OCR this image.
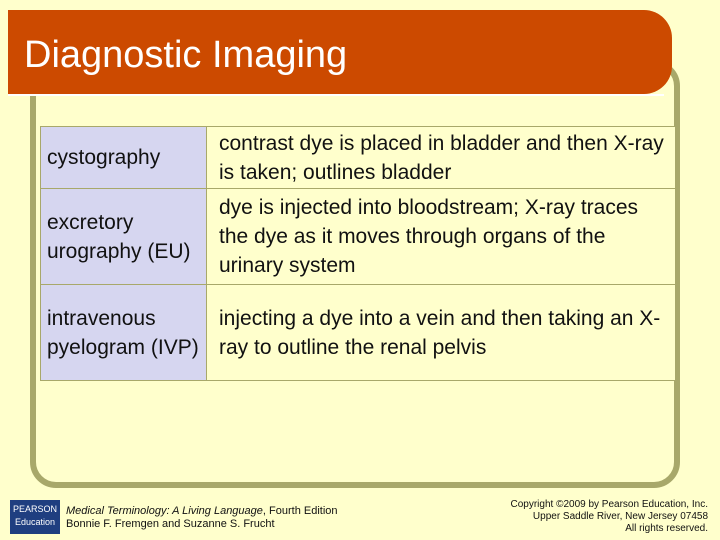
Diagnostic Imaging
cystography	contrast dye is placed in bladder and then X-ray is taken; outlines bladder
excretory urography (EU)	dye is injected into bloodstream; X-ray traces the dye as it moves through organs of the urinary system
intravenous pyelogram (IVP)	injecting a dye into a vein and then taking an X-ray to outline the renal pelvis
PEARSON
Education
Medical Terminology: A Living Language, Fourth Edition
Bonnie F. Fremgen and Suzanne S. Frucht
Copyright ©2009 by Pearson Education, Inc.
Upper Saddle River, New Jersey 07458
All rights reserved.
